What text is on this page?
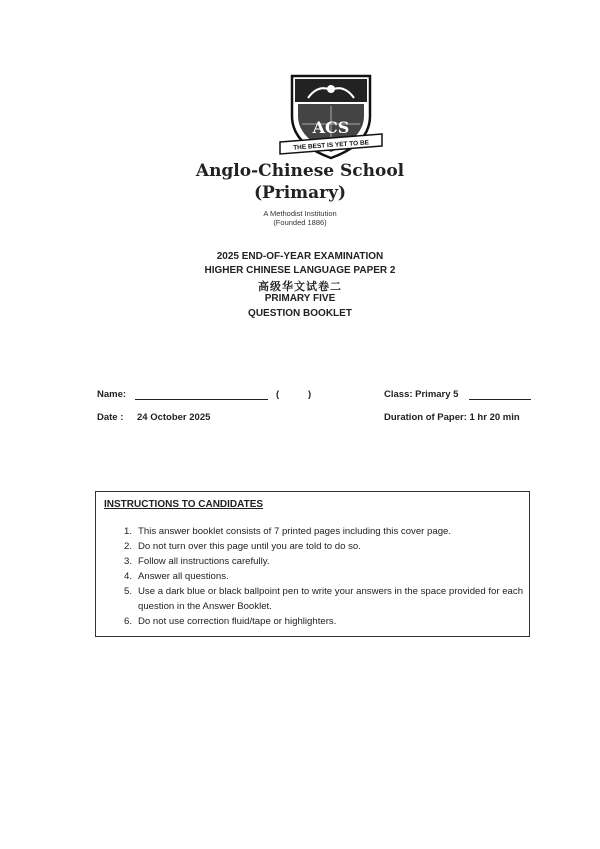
ACS
THE BEST IS YET TO BE
Anglo-Chinese School
(Primary)
A Methodist Institution
(Founded 1886)
2025 END-OF-YEAR EXAMINATION
HIGHER CHINESE LANGUAGE PAPER 2
高级华文试卷二
PRIMARY FIVE
QUESTION BOOKLET
Name:	(	)	Class: Primary 5
Date : 24 October 2025	Duration of Paper: 1 hr 20 min
INSTRUCTIONS TO CANDIDATES
1. This answer booklet consists of 7 printed pages including this cover page.
2. Do not turn over this page until you are told to do so.
3. Follow all instructions carefully.
4. Answer all questions.
5. Use a dark blue or black ballpoint pen to write your answers in the space provided for each question in the Answer Booklet.
6. Do not use correction fluid/tape or highlighters.
